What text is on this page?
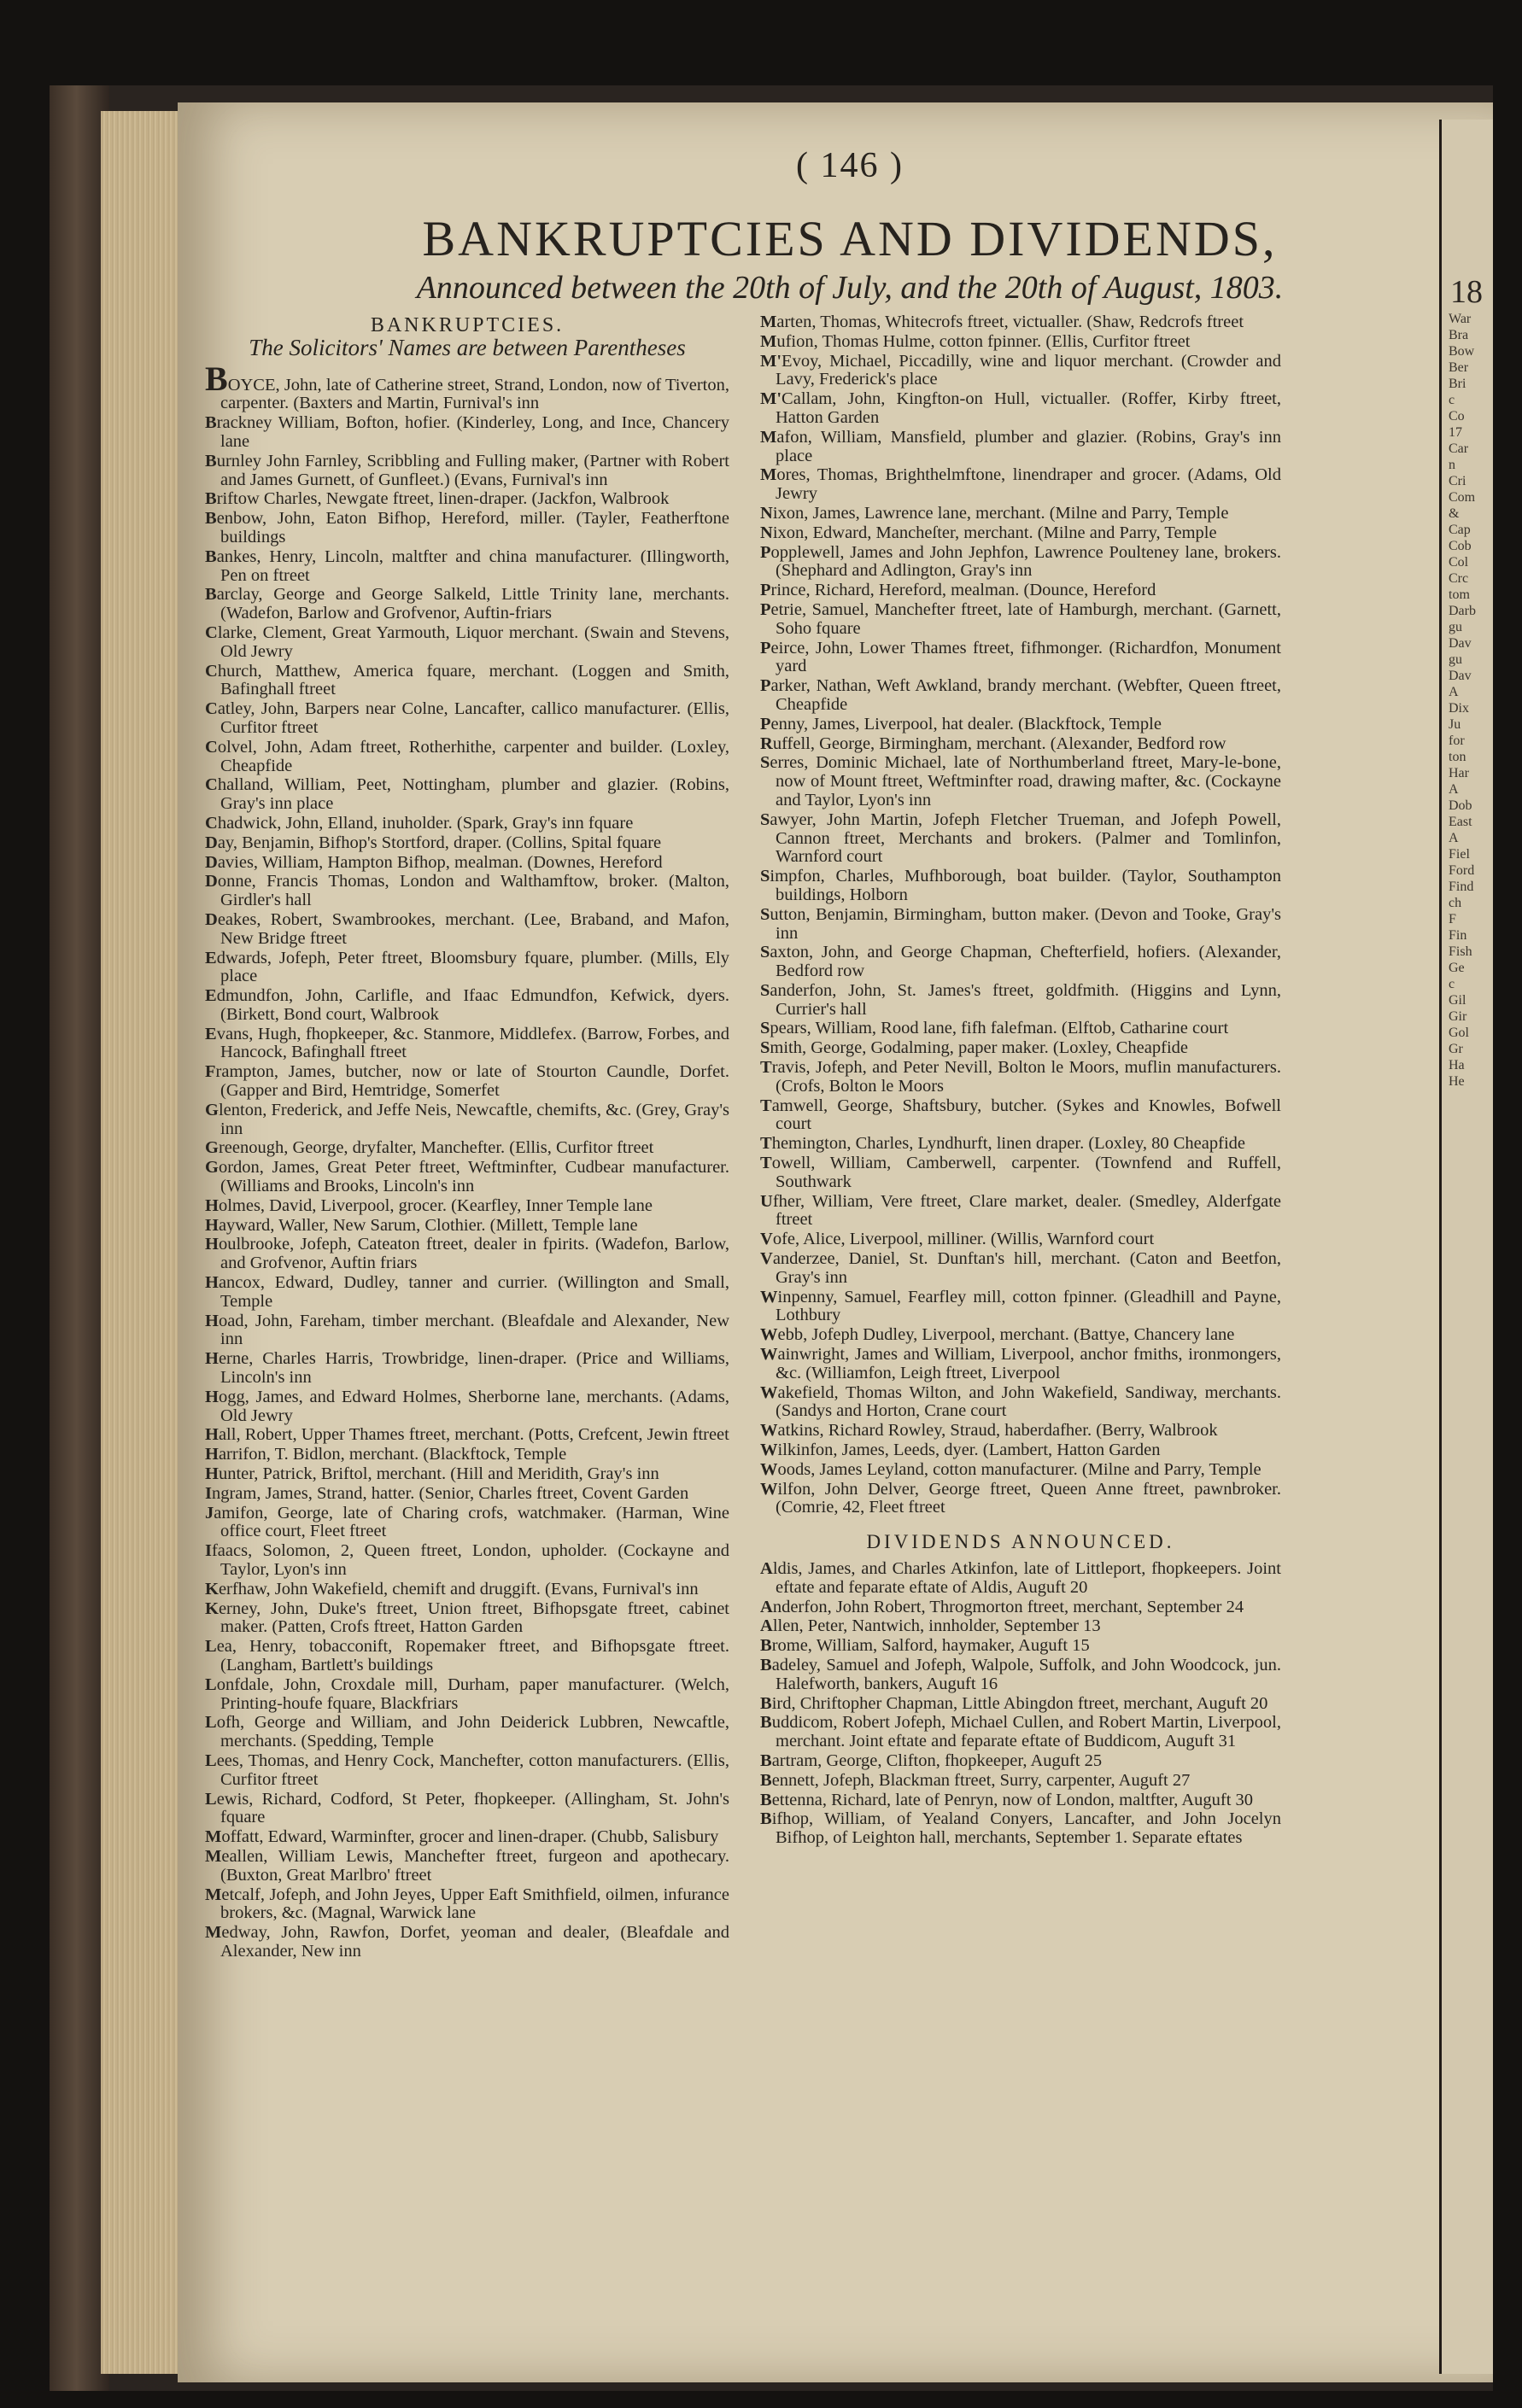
18
War
Bra
Bow
Ber
Bri
c
Co
17
Car
n
Cri
Com
&
Cap
Cob
Col
Crc
tom
Darb
gu
Dav
gu
Dav
A
Dix
Ju
for
ton
Har
A
Dob
East
A
Fiel
Ford
Find
ch
F
Fin
Fish
Ge
c
Gil
Gir
Gol
Gr
Ha
He
( 146 )
BANKRUPTCIES AND DIVIDENDS,
Announced between the 20th of July, and the 20th of August, 1803.
BANKRUPTCIES.
The Solicitors' Names are between Parentheses

BOYCE, John, late of Catherine street, Strand, London, now of Tiverton, carpenter. (Baxters and Martin, Furnival's inn

Brackney William, Bofton, hofier. (Kinderley, Long, and Ince, Chancery lane

Burnley John Farnley, Scribbling and Fulling maker, (Partner with Robert and James Gurnett, of Gunfleet.) (Evans, Furnival's inn

Briftow Charles, Newgate ftreet, linen-draper. (Jackfon, Walbrook

Benbow, John, Eaton Bifhop, Hereford, miller. (Tayler, Featherftone buildings

Bankes, Henry, Lincoln, maltfter and china manufacturer. (Illingworth, Pen on ftreet

Barclay, George and George Salkeld, Little Trinity lane, merchants. (Wadefon, Barlow and Grofvenor, Auftin-friars

Clarke, Clement, Great Yarmouth, Liquor merchant. (Swain and Stevens, Old Jewry

Church, Matthew, America fquare, merchant. (Loggen and Smith, Bafinghall ftreet

Catley, John, Barpers near Colne, Lancafter, callico manufacturer. (Ellis, Curfitor ftreet

Colvel, John, Adam ftreet, Rotherhithe, carpenter and builder. (Loxley, Cheapfide

Challand, William, Peet, Nottingham, plumber and glazier. (Robins, Gray's inn place

Chadwick, John, Elland, inuholder. (Spark, Gray's inn fquare

Day, Benjamin, Bifhop's Stortford, draper. (Collins, Spital fquare

Davies, William, Hampton Bifhop, mealman. (Downes, Hereford

Donne, Francis Thomas, London and Walthamftow, broker. (Malton, Girdler's hall

Deakes, Robert, Swambrookes, merchant. (Lee, Braband, and Mafon, New Bridge ftreet

Edwards, Jofeph, Peter ftreet, Bloomsbury fquare, plumber. (Mills, Ely place

Edmundfon, John, Carlifle, and Ifaac Edmundfon, Kefwick, dyers. (Birkett, Bond court, Walbrook

Evans, Hugh, fhopkeeper, &c. Stanmore, Middlefex. (Barrow, Forbes, and Hancock, Bafinghall ftreet

Frampton, James, butcher, now or late of Stourton Caundle, Dorfet. (Gapper and Bird, Hemtridge, Somerfet

Glenton, Frederick, and Jeffe Neis, Newcaftle, chemifts, &c. (Grey, Gray's inn

Greenough, George, dryfalter, Manchefter. (Ellis, Curfitor ftreet

Gordon, James, Great Peter ftreet, Weftminfter, Cudbear manufacturer. (Williams and Brooks, Lincoln's inn

Holmes, David, Liverpool, grocer. (Kearfley, Inner Temple lane

Hayward, Waller, New Sarum, Clothier. (Millett, Temple lane

Houlbrooke, Jofeph, Cateaton ftreet, dealer in fpirits. (Wadefon, Barlow, and Grofvenor, Auftin friars

Hancox, Edward, Dudley, tanner and currier. (Willington and Small, Temple

Hoad, John, Fareham, timber merchant. (Bleafdale and Alexander, New inn

Herne, Charles Harris, Trowbridge, linen-draper. (Price and Williams, Lincoln's inn

Hogg, James, and Edward Holmes, Sherborne lane, merchants. (Adams, Old Jewry

Hall, Robert, Upper Thames ftreet, merchant. (Potts, Crefcent, Jewin ftreet

Harrifon, T. Bidlon, merchant. (Blackftock, Temple

Hunter, Patrick, Briftol, merchant. (Hill and Meridith, Gray's inn

Ingram, James, Strand, hatter. (Senior, Charles ftreet, Covent Garden

Jamifon, George, late of Charing crofs, watchmaker. (Harman, Wine office court, Fleet ftreet

Ifaacs, Solomon, 2, Queen ftreet, London, upholder. (Cockayne and Taylor, Lyon's inn

Kerfhaw, John Wakefield, chemift and druggift. (Evans, Furnival's inn

Kerney, John, Duke's ftreet, Union ftreet, Bifhopsgate ftreet, cabinet maker. (Patten, Crofs ftreet, Hatton Garden

Lea, Henry, tobacconift, Ropemaker ftreet, and Bifhopsgate ftreet. (Langham, Bartlett's buildings

Lonfdale, John, Croxdale mill, Durham, paper manufacturer. (Welch, Printing-houfe fquare, Blackfriars

Lofh, George and William, and John Deiderick Lubbren, Newcaftle, merchants. (Spedding, Temple

Lees, Thomas, and Henry Cock, Manchefter, cotton manufacturers. (Ellis, Curfitor ftreet

Lewis, Richard, Codford, St Peter, fhopkeeper. (Allingham, St. John's fquare

Moffatt, Edward, Warminfter, grocer and linen-draper. (Chubb, Salisbury

Meallen, William Lewis, Manchefter ftreet, furgeon and apothecary. (Buxton, Great Marlbro' ftreet

Metcalf, Jofeph, and John Jeyes, Upper Eaft Smithfield, oilmen, infurance brokers, &c. (Magnal, Warwick lane

Medway, John, Rawfon, Dorfet, yeoman and dealer, (Bleafdale and Alexander, New inn

Marten, Thomas, Whitecrofs ftreet, victualler. (Shaw, Redcrofs ftreet

Mufion, Thomas Hulme, cotton fpinner. (Ellis, Curfitor ftreet

M'Evoy, Michael, Piccadilly, wine and liquor merchant. (Crowder and Lavy, Frederick's place

M'Callam, John, Kingfton-on Hull, victualler. (Roffer, Kirby ftreet, Hatton Garden

Mafon, William, Mansfield, plumber and glazier. (Robins, Gray's inn place

Mores, Thomas, Brighthelmftone, linendraper and grocer. (Adams, Old Jewry

Nixon, James, Lawrence lane, merchant. (Milne and Parry, Temple

Nixon, Edward, Mancheſter, merchant. (Milne and Parry, Temple

Popplewell, James and John Jephfon, Lawrence Poulteney lane, brokers. (Shephard and Adlington, Gray's inn

Prince, Richard, Hereford, mealman. (Dounce, Hereford

Petrie, Samuel, Manchefter ftreet, late of Hamburgh, merchant. (Garnett, Soho fquare

Peirce, John, Lower Thames ftreet, fifhmonger. (Richardfon, Monument yard

Parker, Nathan, Weft Awkland, brandy merchant. (Webfter, Queen ftreet, Cheapfide

Penny, James, Liverpool, hat dealer. (Blackftock, Temple

Ruffell, George, Birmingham, merchant. (Alexander, Bedford row

Serres, Dominic Michael, late of Northumberland ftreet, Mary-le-bone, now of Mount ftreet, Weftminfter road, drawing mafter, &c. (Cockayne and Taylor, Lyon's inn

Sawyer, John Martin, Jofeph Fletcher Trueman, and Jofeph Powell, Cannon ftreet, Merchants and brokers. (Palmer and Tomlinfon, Warnford court

Simpfon, Charles, Mufhborough, boat builder. (Taylor, Southampton buildings, Holborn

Sutton, Benjamin, Birmingham, button maker. (Devon and Tooke, Gray's inn

Saxton, John, and George Chapman, Chefterfield, hofiers. (Alexander, Bedford row

Sanderfon, John, St. James's ftreet, goldfmith. (Higgins and Lynn, Currier's hall

Spears, William, Rood lane, fifh falefman. (Elftob, Catharine court

Smith, George, Godalming, paper maker. (Loxley, Cheapfide

Travis, Jofeph, and Peter Nevill, Bolton le Moors, muflin manufacturers. (Crofs, Bolton le Moors

Tamwell, George, Shaftsbury, butcher. (Sykes and Knowles, Bofwell court

Themington, Charles, Lyndhurft, linen draper. (Loxley, 80 Cheapfide

Towell, William, Camberwell, carpenter. (Townfend and Ruffell, Southwark

Ufher, William, Vere ftreet, Clare market, dealer. (Smedley, Alderfgate ftreet

Vofe, Alice, Liverpool, milliner. (Willis, Warnford court

Vanderzee, Daniel, St. Dunftan's hill, merchant. (Caton and Beetfon, Gray's inn

Winpenny, Samuel, Fearfley mill, cotton fpinner. (Gleadhill and Payne, Lothbury

Webb, Jofeph Dudley, Liverpool, merchant. (Battye, Chancery lane

Wainwright, James and William, Liverpool, anchor fmiths, ironmongers, &c. (Williamfon, Leigh ftreet, Liverpool

Wakefield, Thomas Wilton, and John Wakefield, Sandiway, merchants. (Sandys and Horton, Crane court

Watkins, Richard Rowley, Straud, haberdafher. (Berry, Walbrook

Wilkinfon, James, Leeds, dyer. (Lambert, Hatton Garden

Woods, James Leyland, cotton manufacturer. (Milne and Parry, Temple

Wilfon, John Delver, George ftreet, Queen Anne ftreet, pawnbroker. (Comrie, 42, Fleet ftreet

DIVIDENDS ANNOUNCED.

Aldis, James, and Charles Atkinfon, late of Littleport, fhopkeepers. Joint eftate and feparate eftate of Aldis, Auguft 20

Anderfon, John Robert, Throgmorton ftreet, merchant, September 24

Allen, Peter, Nantwich, innholder, September 13

Brome, William, Salford, haymaker, Auguft 15

Badeley, Samuel and Jofeph, Walpole, Suffolk, and John Woodcock, jun. Halefworth, bankers, Auguft 16

Bird, Chriftopher Chapman, Little Abingdon ftreet, merchant, Auguft 20

Buddicom, Robert Jofeph, Michael Cullen, and Robert Martin, Liverpool, merchant. Joint eftate and feparate eftate of Buddicom, Auguft 31

Bartram, George, Clifton, fhopkeeper, Auguft 25

Bennett, Jofeph, Blackman ftreet, Surry, carpenter, Auguft 27

Bettenna, Richard, late of Penryn, now of London, maltfter, Auguft 30

Bifhop, William, of Yealand Conyers, Lancafter, and John Jocelyn Bifhop, of Leighton hall, merchants, September 1. Separate eftates
